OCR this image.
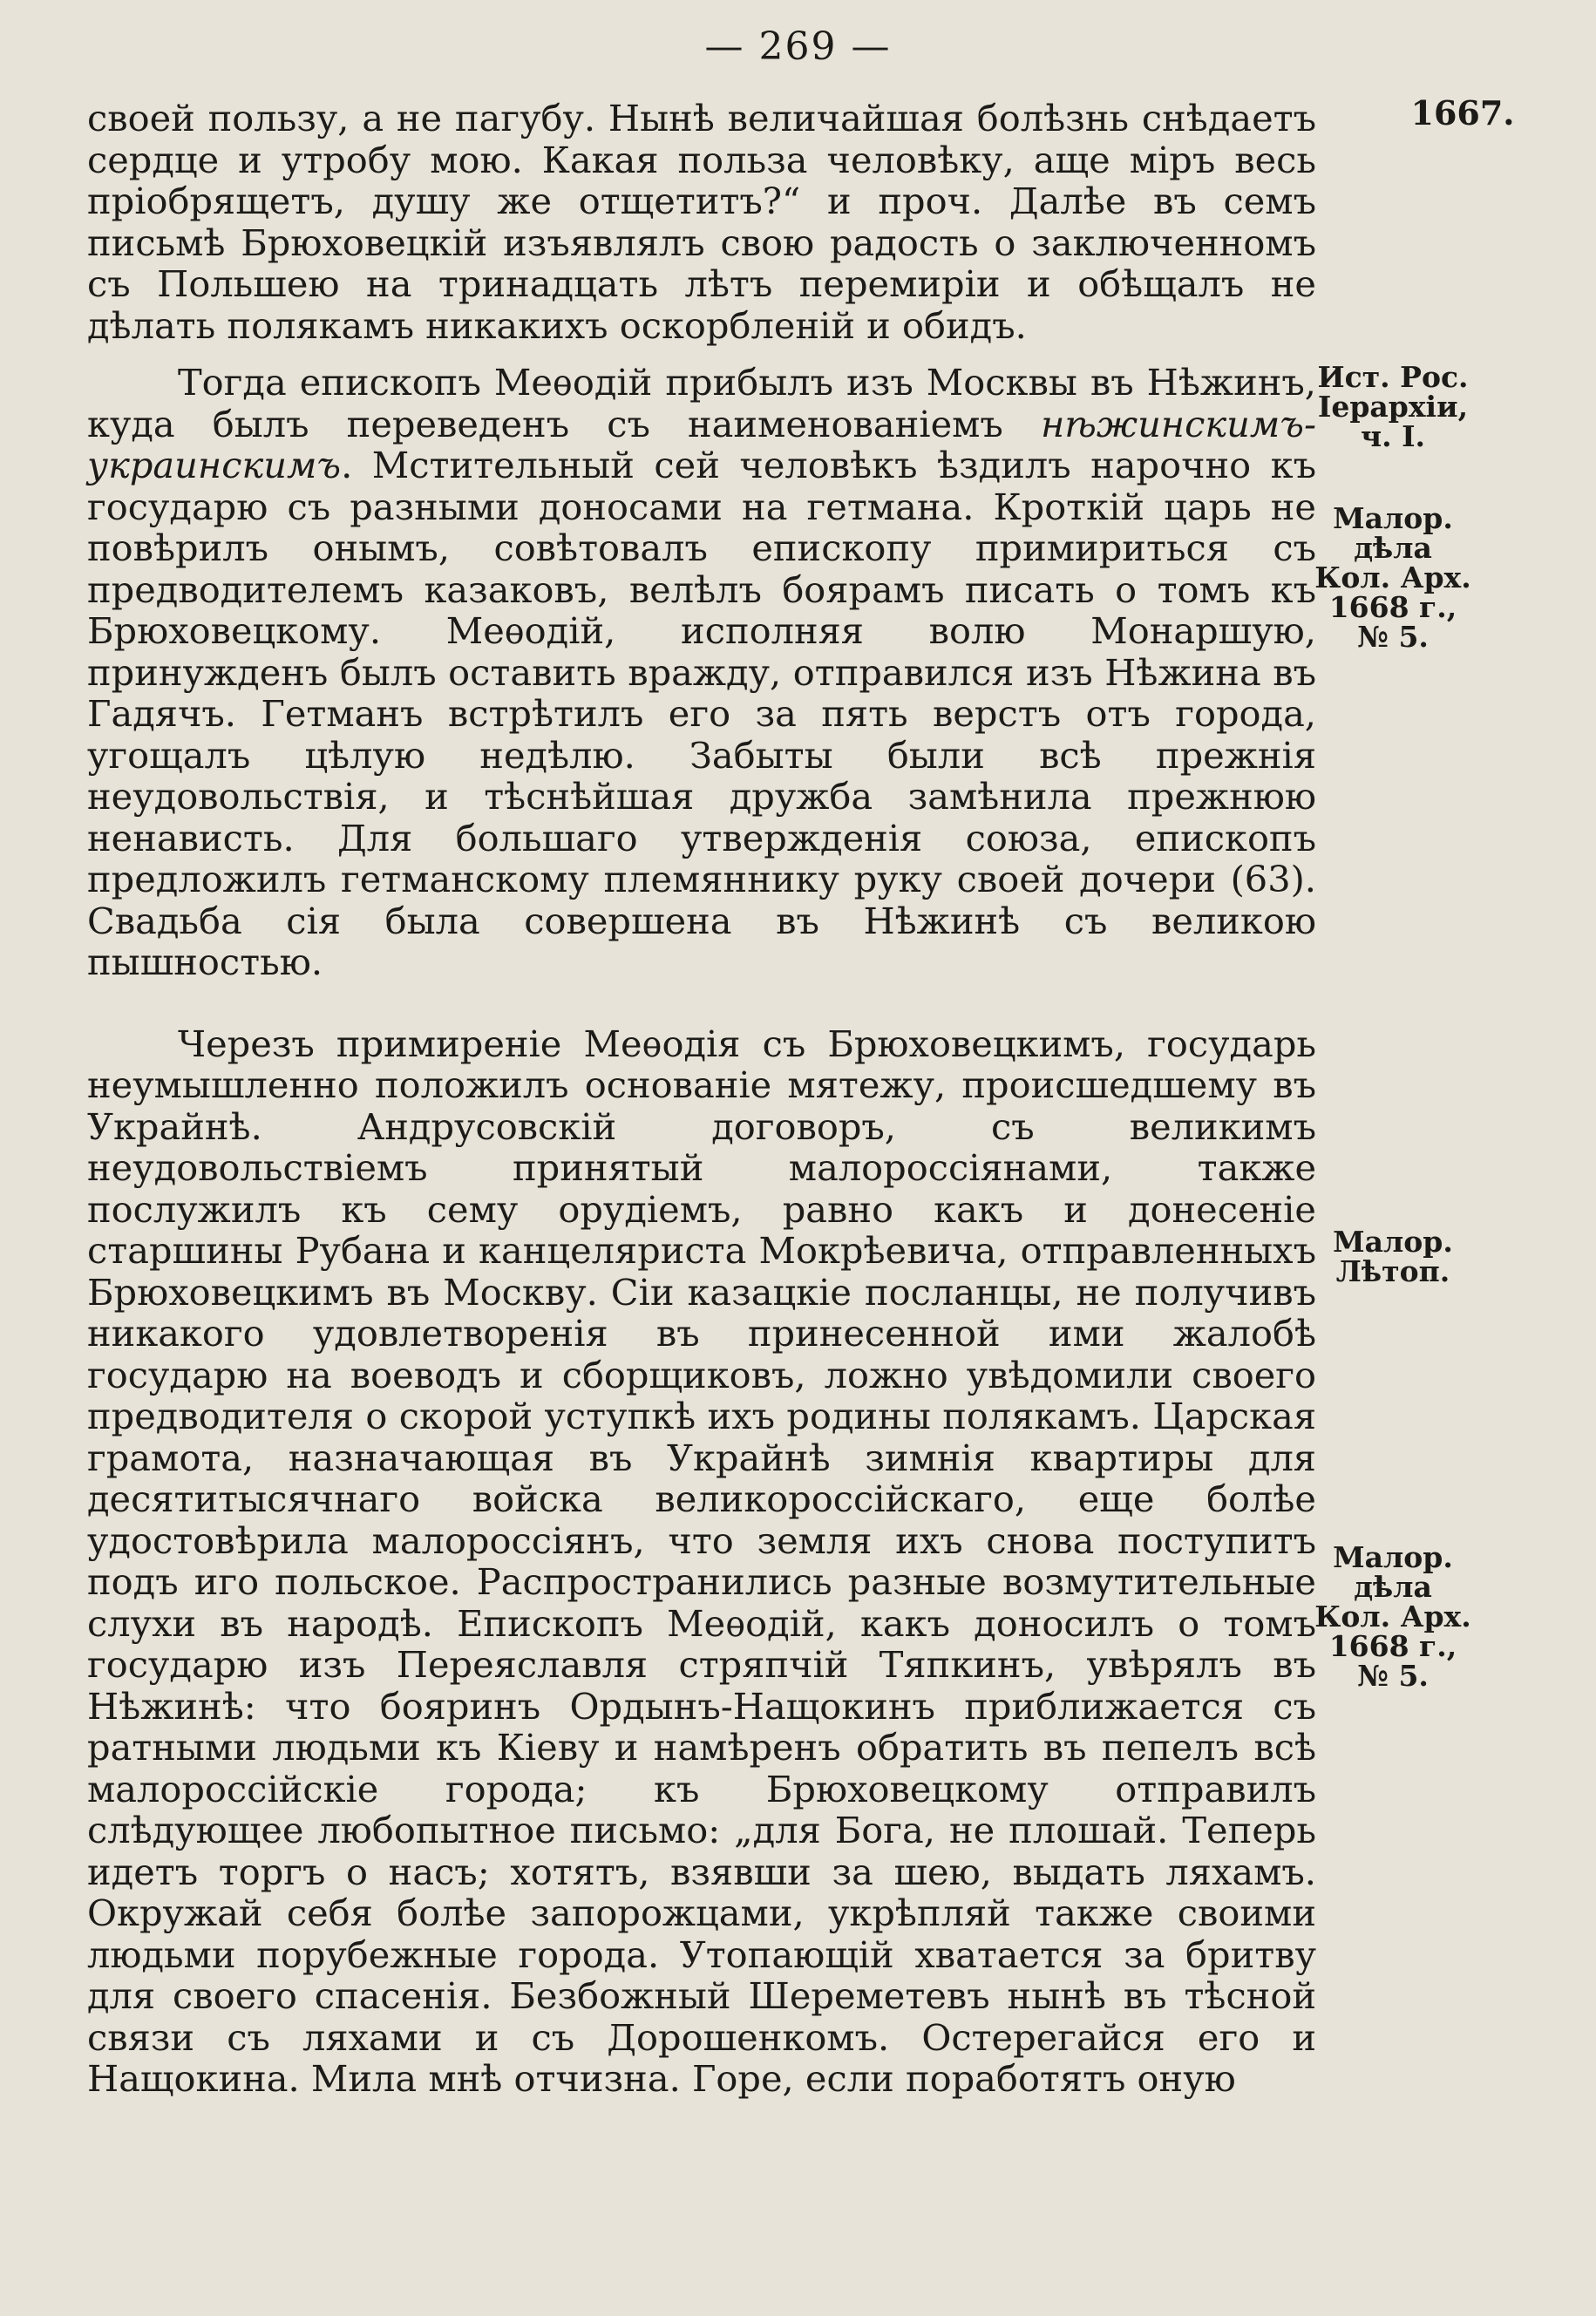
— 269 —
1667.

своей пользу, а не пагубу. Нынѣ величайшая болѣзнь снѣдаетъ сердце и утробу мою. Какая польза человѣку, аще міръ весь пріобрящетъ, душу же отщетитъ?“ и проч. Далѣе въ семъ письмѣ Брюховецкій изъявлялъ свою радость о заключенномъ съ Польшею на тринадцать лѣтъ перемиріи и обѣщалъ не дѣлать полякамъ никакихъ оскорбленій и обидъ.

Тогда епископъ Меѳодій прибылъ изъ Москвы въ Нѣжинъ, куда былъ переведенъ съ наименованіемъ нѣжинскимъ-украинскимъ. Мстительный сей человѣкъ ѣздилъ нарочно къ государю съ разными доносами на гетмана. Кроткій царь не повѣрилъ онымъ, совѣтовалъ епископу примириться съ предводителемъ казаковъ, велѣлъ боярамъ писать о томъ къ Брюховецкому. Меѳодій, исполняя волю Монаршую, принужденъ былъ оставить вражду, отправился изъ Нѣжина въ Гадячъ. Гетманъ встрѣтилъ его за пять верстъ отъ города, угощалъ цѣлую недѣлю. Забыты были всѣ прежнія неудовольствія, и тѣснѣйшая дружба замѣнила прежнюю ненависть. Для большаго утвержденія союза, епископъ предложилъ гетманскому племяннику руку своей дочери (63). Свадьба сія была совершена въ Нѣжинѣ съ великою пышностью.

Черезъ примиреніе Меѳодія съ Брюховецкимъ, государь неумышленно положилъ основаніе мятежу, происшедшему въ Украйнѣ. Андрусовскій договоръ, съ великимъ неудовольствіемъ принятый малороссіянами, также послужилъ къ сему орудіемъ, равно какъ и донесеніе старшины Рубана и канцеляриста Мокрѣевича, отправленныхъ Брюховецкимъ въ Москву. Сіи казацкіе посланцы, не получивъ никакого удовлетворенія въ принесенной ими жалобѣ государю на воеводъ и сборщиковъ, ложно увѣдомили своего предводителя о скорой уступкѣ ихъ родины полякамъ. Царская грамота, назначающая въ Украйнѣ зимнія квартиры для десятитысячнаго войска великороссійскаго, еще болѣе удостовѣрила малороссіянъ, что земля ихъ снова поступитъ подъ иго польское. Распространились разные возмутительные слухи въ народѣ. Епископъ Меѳодій, какъ доносилъ о томъ государю изъ Переяславля стряпчій Тяпкинъ, увѣрялъ въ Нѣжинѣ: что бояринъ Ордынъ-Нащокинъ приближается съ ратными людьми къ Кіеву и намѣренъ обратить въ пепелъ всѣ малороссійскіе города; къ Брюховецкому отправилъ слѣдующее любопытное письмо: „для Бога, не плошай. Теперь идетъ торгъ о насъ; хотятъ, взявши за шею, выдать ляхамъ. Окружай себя болѣе запорожцами, укрѣпляй также своими людьми порубежные города. Утопающій хватается за бритву для своего спасенія. Безбожный Шереметевъ нынѣ въ тѣсной связи съ ляхами и съ Дорошенкомъ. Остерегайся его и Нащокина. Мила мнѣ отчизна. Горе, если поработятъ оную

Ист. Рос.
Іерархіи,
ч. I.
Малор.
дѣла
Кол. Арх.
1668 г.,
№ 5.
Малор.
Лѣтоп.
Малор.
дѣла
Кол. Арх.
1668 г.,
№ 5.
